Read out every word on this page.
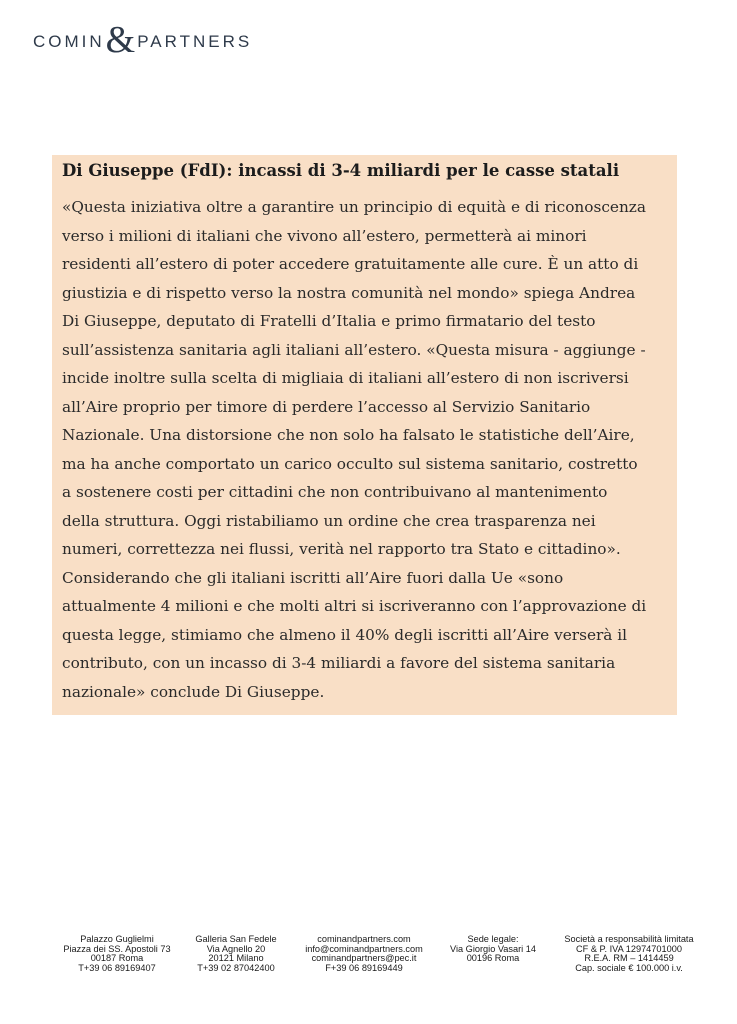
COMIN & PARTNERS
Di Giuseppe (FdI): incassi di 3-4 miliardi per le casse statali
«Questa iniziativa oltre a garantire un principio di equità e di riconoscenza
verso i milioni di italiani che vivono all’estero, permetterà ai minori
residenti all’estero di poter accedere gratuitamente alle cure. È un atto di
giustizia e di rispetto verso la nostra comunità nel mondo» spiega Andrea
Di Giuseppe, deputato di Fratelli d’Italia e primo firmatario del testo
sull’assistenza sanitaria agli italiani all’estero. «Questa misura - aggiunge -
incide inoltre sulla scelta di migliaia di italiani all’estero di non iscriversi
all’Aire proprio per timore di perdere l’accesso al Servizio Sanitario
Nazionale. Una distorsione che non solo ha falsato le statistiche dell’Aire,
ma ha anche comportato un carico occulto sul sistema sanitario, costretto
a sostenere costi per cittadini che non contribuivano al mantenimento
della struttura. Oggi ristabiliamo un ordine che crea trasparenza nei
numeri, correttezza nei flussi, verità nel rapporto tra Stato e cittadino».
Considerando che gli italiani iscritti all’Aire fuori dalla Ue «sono
attualmente 4 milioni e che molti altri si iscriveranno con l’approvazione di
questa legge, stimiamo che almeno il 40% degli iscritti all’Aire verserà il
contributo, con un incasso di 3-4 miliardi a favore del sistema sanitaria
nazionale» conclude Di Giuseppe.
Palazzo Guglielmi
Piazza dei SS. Apostoli 73
00187 Roma
T+39 06 89169407
Galleria San Fedele
Via Agnello 20
20121 Milano
T+39 02 87042400
cominandpartners.com
info@cominandpartners.com
cominandpartners@pec.it
F+39 06 89169449
Sede legale:
Via Giorgio Vasari 14
00196 Roma
Società a responsabilità limitata
CF & P. IVA 12974701000
R.E.A. RM – 1414459
Cap. sociale € 100.000 i.v.
